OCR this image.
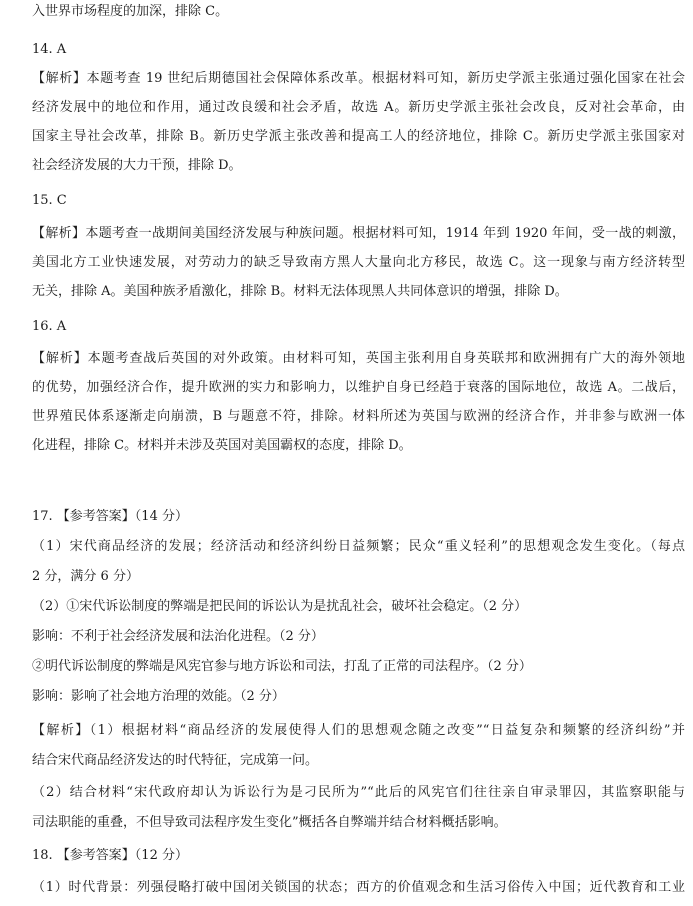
入世界市场程度的加深，排除 C。
14. A
【解析】本题考查 19 世纪后期德国社会保障体系改革。根据材料可知，新历史学派主张通过强化国家在社会
经济发展中的地位和作用，通过改良缓和社会矛盾，故选 A。新历史学派主张社会改良，反对社会革命，由
国家主导社会改革，排除 B。新历史学派主张改善和提高工人的经济地位，排除 C。新历史学派主张国家对
社会经济发展的大力干预，排除 D。
15. C
【解析】本题考查一战期间美国经济发展与种族问题。根据材料可知，1914 年到 1920 年间，受一战的刺激，
美国北方工业快速发展，对劳动力的缺乏导致南方黑人大量向北方移民，故选 C。这一现象与南方经济转型
无关，排除 A。美国种族矛盾激化，排除 B。材料无法体现黑人共同体意识的增强，排除 D。
16. A
【解析】本题考查战后英国的对外政策。由材料可知，英国主张利用自身英联邦和欧洲拥有广大的海外领地
的优势，加强经济合作，提升欧洲的实力和影响力，以维护自身已经趋于衰落的国际地位，故选 A。二战后，
世界殖民体系逐渐走向崩溃，B 与题意不符，排除。材料所述为英国与欧洲的经济合作，并非参与欧洲一体
化进程，排除 C。材料并未涉及英国对美国霸权的态度，排除 D。
17. 【参考答案】（14 分）
（1）宋代商品经济的发展；经济活动和经济纠纷日益频繁；民众“重义轻利”的思想观念发生变化。（每点
2 分，满分 6 分）
（2）①宋代诉讼制度的弊端是把民间的诉讼认为是扰乱社会，破坏社会稳定。（2 分）
影响：不利于社会经济发展和法治化进程。（2 分）
②明代诉讼制度的弊端是风宪官参与地方诉讼和司法，打乱了正常的司法程序。（2 分）
影响：影响了社会地方治理的效能。（2 分）
【解析】（1）根据材料“商品经济的发展使得人们的思想观念随之改变”“日益复杂和频繁的经济纠纷”并
结合宋代商品经济发达的时代特征，完成第一问。
（2）结合材料“宋代政府却认为诉讼行为是刁民所为”“此后的风宪官们往往亲自审录罪囚，其监察职能与
司法职能的重叠，不但导致司法程序发生变化”概括各自弊端并结合材料概括影响。
18. 【参考答案】（12 分）
（1）时代背景：列强侵略打破中国闭关锁国的状态；西方的价值观念和生活习俗传入中国；近代教育和工业
